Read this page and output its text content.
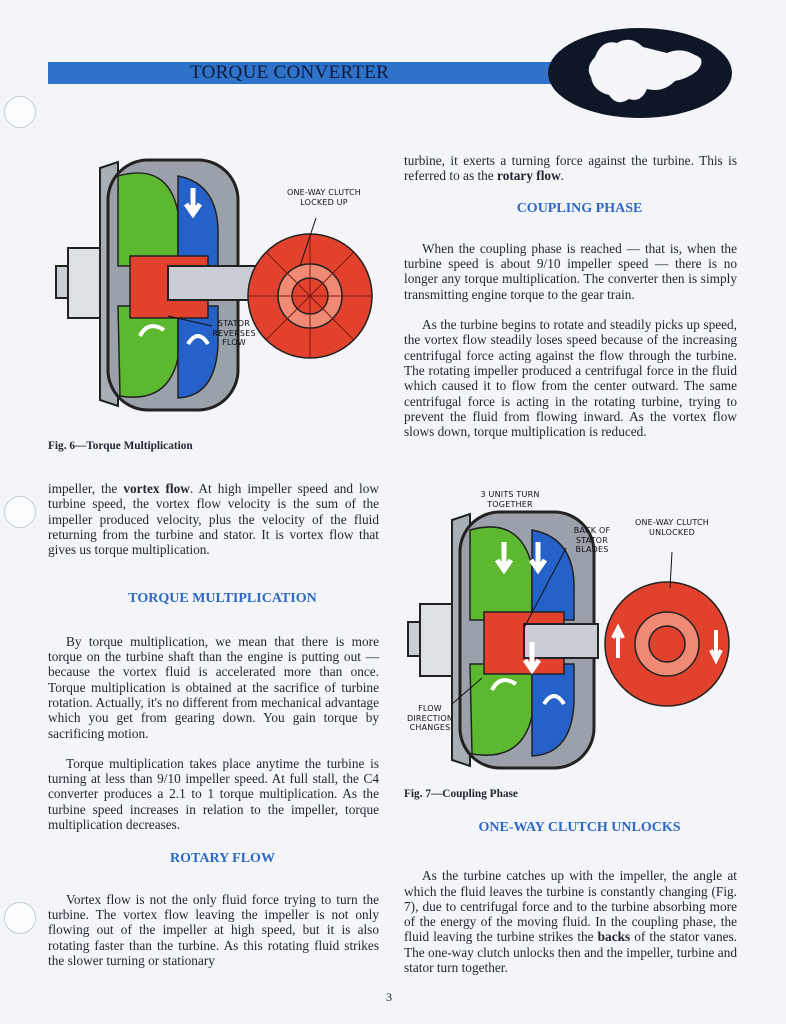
TORQUE CONVERTER
ONE-WAY CLUTCH
LOCKED UP
STATOR
REVERSES
FLOW
Fig. 6—Torque Multiplication

impeller, the vortex flow. At high impeller speed and low turbine speed, the vortex flow velocity is the sum of the impeller produced velocity, plus the velocity of the fluid returning from the turbine and stator. It is vortex flow that gives us torque multiplication.

TORQUE MULTIPLICATION

By torque multiplication, we mean that there is more torque on the turbine shaft than the engine is putting out — because the vortex fluid is accelerated more than once. Torque multiplication is obtained at the sacrifice of turbine rotation. Actually, it's no different from mechanical advantage which you get from gearing down. You gain torque by sacrificing motion.

Torque multiplication takes place anytime the turbine is turning at less than 9/10 impeller speed. At full stall, the C4 converter produces a 2.1 to 1 torque multiplication. As the turbine speed increases in relation to the impeller, torque multiplication decreases.

ROTARY FLOW

Vortex flow is not the only fluid force trying to turn the turbine. The vortex flow leaving the impeller is not only flowing out of the impeller at high speed, but it is also rotating faster than the turbine. As this rotating fluid strikes the slower turning or stationary

turbine, it exerts a turning force against the turbine. This is referred to as the rotary flow.

COUPLING PHASE

When the coupling phase is reached — that is, when the turbine speed is about 9/10 impeller speed — there is no longer any torque multiplication. The converter then is simply transmitting engine torque to the gear train.

As the turbine begins to rotate and steadily picks up speed, the vortex flow steadily loses speed because of the increasing centrifugal force acting against the flow through the turbine. The rotating impeller produced a centrifugal force in the fluid which caused it to flow from the center outward. The same centrifugal force is acting in the rotating turbine, trying to prevent the fluid from flowing inward. As the vortex flow slows down, torque multiplication is reduced.

3 UNITS TURN
TOGETHER
BACK OF
STATOR
BLADES
ONE-WAY CLUTCH
UNLOCKED
FLOW
DIRECTION
CHANGES
Fig. 7—Coupling Phase

ONE-WAY CLUTCH UNLOCKS

As the turbine catches up with the impeller, the angle at which the fluid leaves the turbine is constantly changing (Fig. 7), due to centrifugal force and to the turbine absorbing more of the energy of the moving fluid. In the coupling phase, the fluid leaving the turbine strikes the backs of the stator vanes. The one-way clutch unlocks then and the impeller, turbine and stator turn together.

3
